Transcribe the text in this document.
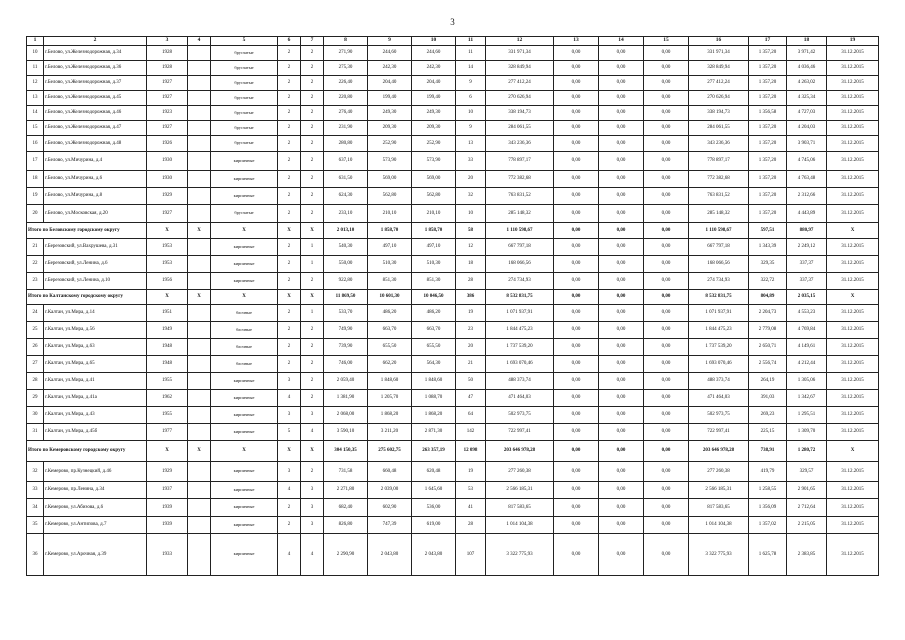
3
1	2	3	4	5	6	7	8	9	10	11	12	13	14	15	16	17	18	19
10	г.Белово, ул.Железнодорожная, д.34	1928		брусчатые	2	2	271,90	244,60	244,60	11	331 971,34	0,00	0,00	0,00	331 971,34	1 357,20	3 971,42	31.12.2015
11	г.Белово, ул.Железнодорожная, д.36	1928		брусчатые	2	2	275,30	242,30	242,30	14	328 849,94	0,00	0,00	0,00	328 849,94	1 357,20	4 036,46	31.12.2015
12	г.Белово, ул.Железнодорожная, д.37	1927		брусчатые	2	2	226,40	204,40	204,40	9	277 412,24	0,00	0,00	0,00	277 412,24	1 357,20	4 263,02	31.12.2015
13	г.Белово, ул.Железнодорожная, д.45	1927		брусчатые	2	2	220,80	199,40	199,40	6	270 626,94	0,00	0,00	0,00	270 626,94	1 357,20	4 325,34	31.12.2015
14	г.Белово, ул.Железнодорожная, д.46	1923		брусчатые	2	2	276,40	249,30	249,30	10	338 194,73	0,00	0,00	0,00	338 194,73	1 356,58	4 727,03	31.12.2015
15	г.Белово, ул.Железнодорожная, д.47	1927		брусчатые	2	2	231,90	209,30	209,30	9	284 061,55	0,00	0,00	0,00	284 061,55	1 357,20	4 204,03	31.12.2015
16	г.Белово, ул.Железнодорожная, д.48	1926		брусчатые	2	2	280,80	252,90	252,90	13	343 236,36	0,00	0,00	0,00	343 236,36	1 357,20	3 903,71	31.12.2015
17	г.Белово, ул.Мичурина, д.4	1930		кирпичные	2	2	637,10	573,90	573,90	33	778 897,17	0,00	0,00	0,00	778 897,17	1 357,20	4 745,06	31.12.2015
18	г.Белово, ул.Мичурина, д.6	1930		кирпичные	2	2	631,50	569,00	569,00	20	772 382,68	0,00	0,00	0,00	772 382,68	1 357,20	4 763,48	31.12.2015
19	г.Белово, ул.Мичурина, д.8	1929		кирпичные	2	2	624,30	562,80	562,80	32	763 831,52	0,00	0,00	0,00	763 831,52	1 357,20	2 312,66	31.12.2015
20	г.Белово, ул.Московская, д.20	1927		брусчатые	2	2	233,10	210,10	210,10	10	285 148,32	0,00	0,00	0,00	285 148,32	1 357,20	4 443,89	31.12.2015
Итого по Беловскому городскому округу		X	X	X	X	X	2 013,10	1 858,70	1 858,70	58	1 110 598,67	0,00	0,00	0,00	1 110 598,67	597,51	880,97	X
21	г.Березовский, ул.Вахрушева, д.31	1953		кирпичные	2	1	540,30	497,10	497,10	12	667 797,18	0,00	0,00	0,00	667 797,18	1 343,39	2 249,12	31.12.2015
22	г.Березовский, ул.Ленина, д.6	1953		кирпичные	2	1	550,00	510,30	510,30	18	168 066,56	0,00	0,00	0,00	168 066,56	329,35	337,37	31.12.2015
23	г.Березовский, ул.Ленина, д.10	1956		кирпичные	2	2	922,80	851,30	851,30	28	274 734,93	0,00	0,00	0,00	274 734,93	322,72	337,37	31.12.2015
Итого по Калтанскому городскому округу		X	X	X	X	X	11 869,50	10 601,30	10 046,50	386	8 532 831,75	0,00	0,00	0,00	8 532 831,75	804,89	2 035,15	X
24	г.Калтан, ул.Мира, д.14	1951		блочные	2	1	533,70	486,20	486,20	19	1 071 937,91	0,00	0,00	0,00	1 071 937,91	2 204,73	4 553,23	31.12.2015
25	г.Калтан, ул.Мира, д.56	1949		блочные	2	2	749,90	663,70	663,70	23	1 844 475,23	0,00	0,00	0,00	1 844 475,23	2 779,08	4 769,84	31.12.2015
26	г.Калтан, ул.Мира, д.63	1948		блочные	2	2	739,90	655,50	655,50	20	1 737 539,20	0,00	0,00	0,00	1 737 539,20	2 650,71	4 149,61	31.12.2015
27	г.Калтан, ул.Мира, д.65	1948		блочные	2	2	746,00	662,20	564,30	21	1 693 070,46	0,00	0,00	0,00	1 693 070,46	2 556,74	4 212,44	31.12.2015
28	г.Калтан, ул.Мира, д.41	1955		кирпичные	3	2	2 059,40	1 848,60	1 848,60	50	488 373,74	0,00	0,00	0,00	488 373,74	264,19	1 305,06	31.12.2015
29	г.Калтан, ул.Мира, д.41а	1962		кирпичные	4	2	1 381,90	1 205,70	1 088,70	47	471 464,03	0,00	0,00	0,00	471 464,03	391,03	1 342,67	31.12.2015
30	г.Калтан, ул.Мира, д.43	1955		кирпичные	3	3	2 068,00	1 868,20	1 868,20	64	502 973,75	0,00	0,00	0,00	502 973,75	269,23	1 295,51	31.12.2015
31	г.Калтан, ул.Мира, д.45б	1977		кирпичные	5	4	3 590,10	3 211,20	2 871,30	142	722 997,41	0,00	0,00	0,00	722 997,41	225,15	1 309,70	31.12.2015
Итого по Кемеровскому городскому округу		X	X	X	X	X	304 150,35	275 602,75	263 357,19	12 098	203 646 978,28	0,00	0,00	0,00	203 646 978,28	738,91	1 280,72	X
32	г.Кемерово, пр.Кузнецкий, д.46	1929		кирпичные	3	2	731,58	660,48	620,48	19	277 260,38	0,00	0,00	0,00	277 260,38	419,79	329,57	31.12.2015
33	г.Кемерово, пр.Ленина, д.34	1937		кирпичные	4	3	2 271,80	2 039,00	1 645,60	53	2 566 185,31	0,00	0,00	0,00	2 566 185,31	1 258,55	2 901,65	31.12.2015
34	г.Кемерово, ул.Абизова, д.6	1939		кирпичные	2	3	682,40	602,90	536,00	41	817 583,65	0,00	0,00	0,00	817 583,65	1 356,09	2 712,64	31.12.2015
35	г.Кемерово, ул.Антипова, д.7	1939		кирпичные	2	3	826,80	747,39	619,00	28	1 014 104,38	0,00	0,00	0,00	1 014 104,38	1 357,02	2 215,05	31.12.2015
36	г.Кемерово, ул.Арочная, д.39	1933		кирпичные	4	4	2 290,90	2 043,80	2 043,80	107	3 322 775,93	0,00	0,00	0,00	3 322 775,93	1 625,78	2 383,85	31.12.2015
